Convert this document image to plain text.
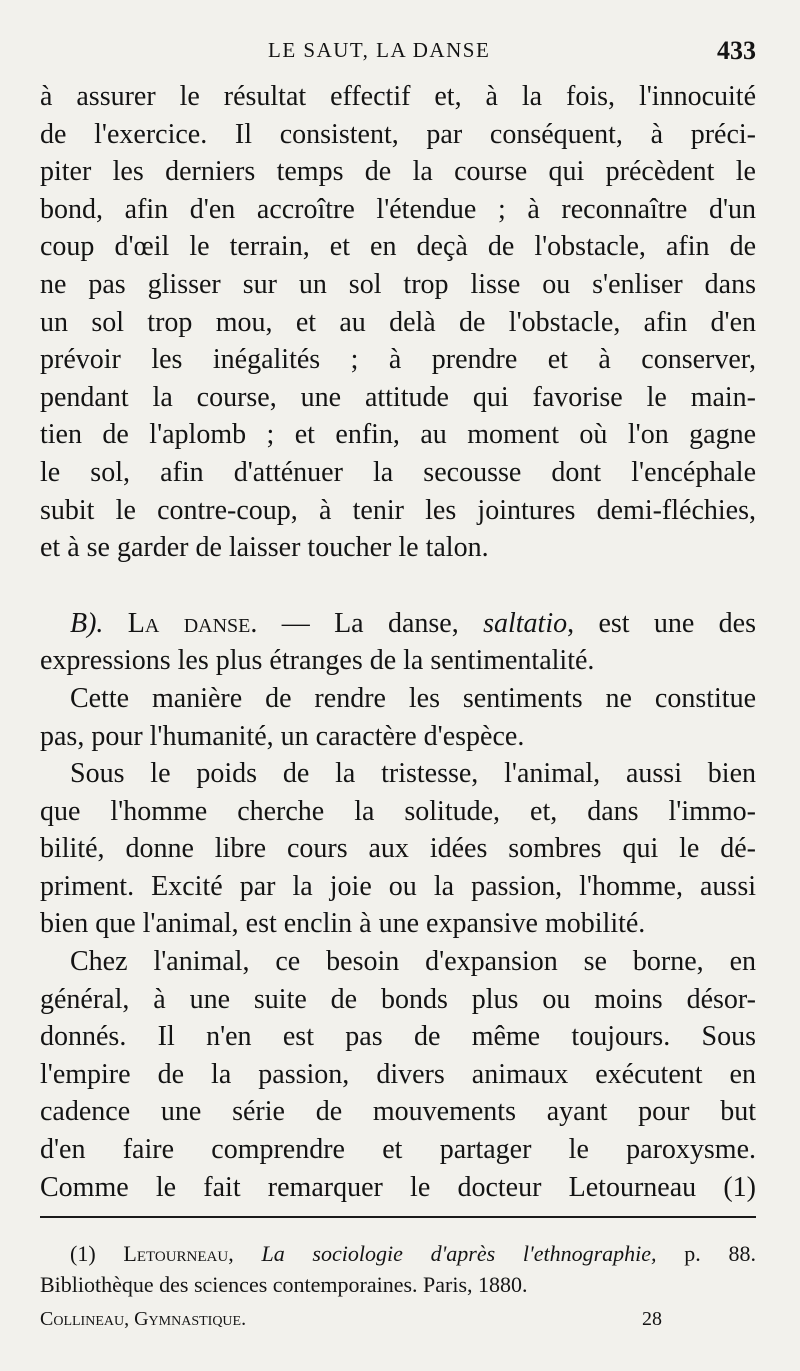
LE SAUT, LA DANSE	433
à assurer le résultat effectif et, à la fois, l'innocuité
de l'exercice. Il consistent, par conséquent, à préci-
piter les derniers temps de la course qui précèdent le
bond, afin d'en accroître l'étendue ; à reconnaître d'un
coup d'œil le terrain, et en deçà de l'obstacle, afin de
ne pas glisser sur un sol trop lisse ou s'enliser dans
un sol trop mou, et au delà de l'obstacle, afin d'en
prévoir les inégalités ; à prendre et à conserver,
pendant la course, une attitude qui favorise le main-
tien de l'aplomb ; et enfin, au moment où l'on gagne
le sol, afin d'atténuer la secousse dont l'encéphale
subit le contre-coup, à tenir les jointures demi-fléchies,
et à se garder de laisser toucher le talon.
B). La danse. — La danse, saltatio, est une des
expressions les plus étranges de la sentimentalité.
Cette manière de rendre les sentiments ne constitue
pas, pour l'humanité, un caractère d'espèce.
Sous le poids de la tristesse, l'animal, aussi bien
que l'homme cherche la solitude, et, dans l'immo-
bilité, donne libre cours aux idées sombres qui le dé-
priment. Excité par la joie ou la passion, l'homme, aussi
bien que l'animal, est enclin à une expansive mobilité.
Chez l'animal, ce besoin d'expansion se borne, en
général, à une suite de bonds plus ou moins désor-
donnés. Il n'en est pas de même toujours. Sous
l'empire de la passion, divers animaux exécutent en
cadence une série de mouvements ayant pour but
d'en faire comprendre et partager le paroxysme.
Comme le fait remarquer le docteur Letourneau (1)
(1) Letourneau, La sociologie d'après l'ethnographie, p. 88.
Bibliothèque des sciences contemporaines. Paris, 1880.
Collineau, Gymnastique.	28
